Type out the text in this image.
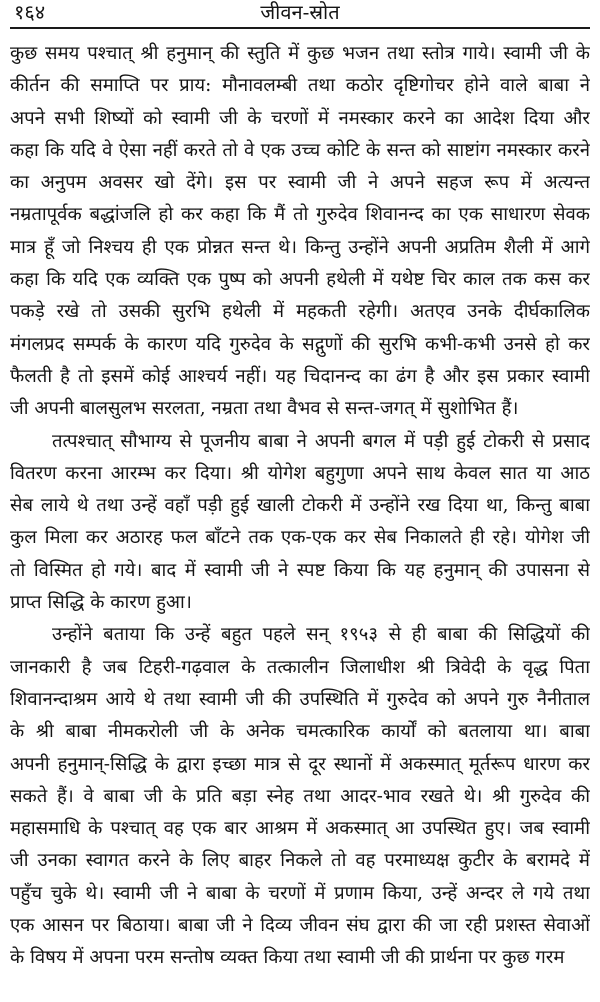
१६४	जीवन-स्रोत
कुछ समय पश्चात् श्री हनुमान् की स्तुति में कुछ भजन तथा स्तोत्र गाये। स्वामी जी के
कीर्तन की समाप्ति पर प्राय: मौनावलम्बी तथा कठोर दृष्टिगोचर होने वाले बाबा ने
अपने सभी शिष्यों को स्वामी जी के चरणों में नमस्कार करने का आदेश दिया और
कहा कि यदि वे ऐसा नहीं करते तो वे एक उच्च कोटि के सन्त को साष्टांग नमस्कार करने
का अनुपम अवसर खो देंगे। इस पर स्वामी जी ने अपने सहज रूप में अत्यन्त
नम्रतापूर्वक बद्धांजलि हो कर कहा कि मैं तो गुरुदेव शिवानन्द का एक साधारण सेवक
मात्र हूँ जो निश्चय ही एक प्रोन्नत सन्त थे। किन्तु उन्होंने अपनी अप्रतिम शैली में आगे
कहा कि यदि एक व्यक्ति एक पुष्प को अपनी हथेली में यथेष्ट चिर काल तक कस कर
पकड़े रखे तो उसकी सुरभि हथेली में महकती रहेगी। अतएव उनके दीर्घकालिक
मंगलप्रद सम्पर्क के कारण यदि गुरुदेव के सद्गुणों की सुरभि कभी-कभी उनसे हो कर
फैलती है तो इसमें कोई आश्चर्य नहीं। यह चिदानन्द का ढंग है और इस प्रकार स्वामी
जी अपनी बालसुलभ सरलता, नम्रता तथा वैभव से सन्त-जगत् में सुशोभित हैं।
तत्पश्चात् सौभाग्य से पूजनीय बाबा ने अपनी बगल में पड़ी हुई टोकरी से प्रसाद
वितरण करना आरम्भ कर दिया। श्री योगेश बहुगुणा अपने साथ केवल सात या आठ
सेब लाये थे तथा उन्हें वहाँ पड़ी हुई खाली टोकरी में उन्होंने रख दिया था, किन्तु बाबा
कुल मिला कर अठारह फल बाँटने तक एक-एक कर सेब निकालते ही रहे। योगेश जी
तो विस्मित हो गये। बाद में स्वामी जी ने स्पष्ट किया कि यह हनुमान् की उपासना से
प्राप्त सिद्धि के कारण हुआ।
उन्होंने बताया कि उन्हें बहुत पहले सन् १९५३ से ही बाबा की सिद्धियों की
जानकारी है जब टिहरी-गढ़वाल के तत्कालीन जिलाधीश श्री त्रिवेदी के वृद्ध पिता
शिवानन्दाश्रम आये थे तथा स्वामी जी की उपस्थिति में गुरुदेव को अपने गुरु नैनीताल
के श्री बाबा नीमकरोली जी के अनेक चमत्कारिक कार्यों को बतलाया था। बाबा
अपनी हनुमान्-सिद्धि के द्वारा इच्छा मात्र से दूर स्थानों में अकस्मात् मूर्तरूप धारण कर
सकते हैं। वे बाबा जी के प्रति बड़ा स्नेह तथा आदर-भाव रखते थे। श्री गुरुदेव की
महासमाधि के पश्चात् वह एक बार आश्रम में अकस्मात् आ उपस्थित हुए। जब स्वामी
जी उनका स्वागत करने के लिए बाहर निकले तो वह परमाध्यक्ष कुटीर के बरामदे में
पहुँच चुके थे। स्वामी जी ने बाबा के चरणों में प्रणाम किया, उन्हें अन्दर ले गये तथा
एक आसन पर बिठाया। बाबा जी ने दिव्य जीवन संघ द्वारा की जा रही प्रशस्त सेवाओं
के विषय में अपना परम सन्तोष व्यक्त किया तथा स्वामी जी की प्रार्थना पर कुछ गरम
